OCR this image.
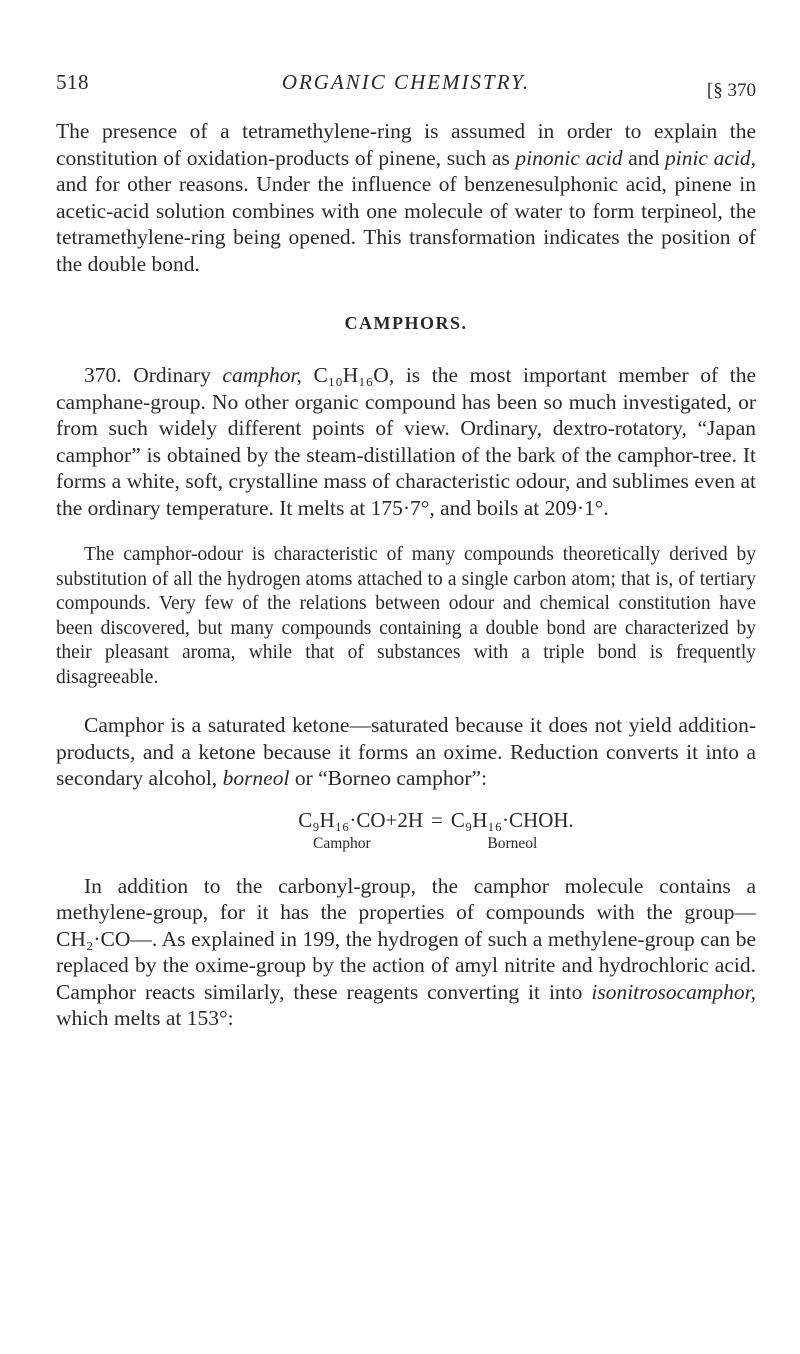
518	ORGANIC CHEMISTRY.	[§ 370

The presence of a tetramethylene-ring is assumed in order to explain the constitution of oxidation-products of pinene, such as pinonic acid and pinic acid, and for other reasons. Under the influence of benzenesulphonic acid, pinene in acetic-acid solution combines with one molecule of water to form terpineol, the tetramethylene-ring being opened. This transformation indicates the position of the double bond.

CAMPHORS.

370. Ordinary camphor, C₁₀H₁₆O, is the most important member of the camphane-group. No other organic compound has been so much investigated, or from such widely different points of view. Ordinary, dextro-rotatory, “Japan camphor” is obtained by the steam-distillation of the bark of the camphor-tree. It forms a white, soft, crystalline mass of characteristic odour, and sublimes even at the ordinary temperature. It melts at 175·7°, and boils at 209·1°.

The camphor-odour is characteristic of many compounds theoretically derived by substitution of all the hydrogen atoms attached to a single carbon atom; that is, of tertiary compounds. Very few of the relations between odour and chemical constitution have been discovered, but many compounds containing a double bond are characterized by their pleasant aroma, while that of substances with a triple bond is frequently disagreeable.

Camphor is a saturated ketone—saturated because it does not yield addition-products, and a ketone because it forms an oxime. Reduction converts it into a secondary alcohol, borneol or “Borneo camphor”:

C₉H₁₆·CO
Camphor
+2H = C₉H₁₆·CHOH.
Borneol

In addition to the carbonyl-group, the camphor molecule contains a methylene-group, for it has the properties of compounds with the group—CH₂·CO—. As explained in 199, the hydrogen of such a methylene-group can be replaced by the oxime-group by the action of amyl nitrite and hydrochloric acid. Camphor reacts similarly, these reagents converting it into isonitrosocamphor, which melts at 153°:
